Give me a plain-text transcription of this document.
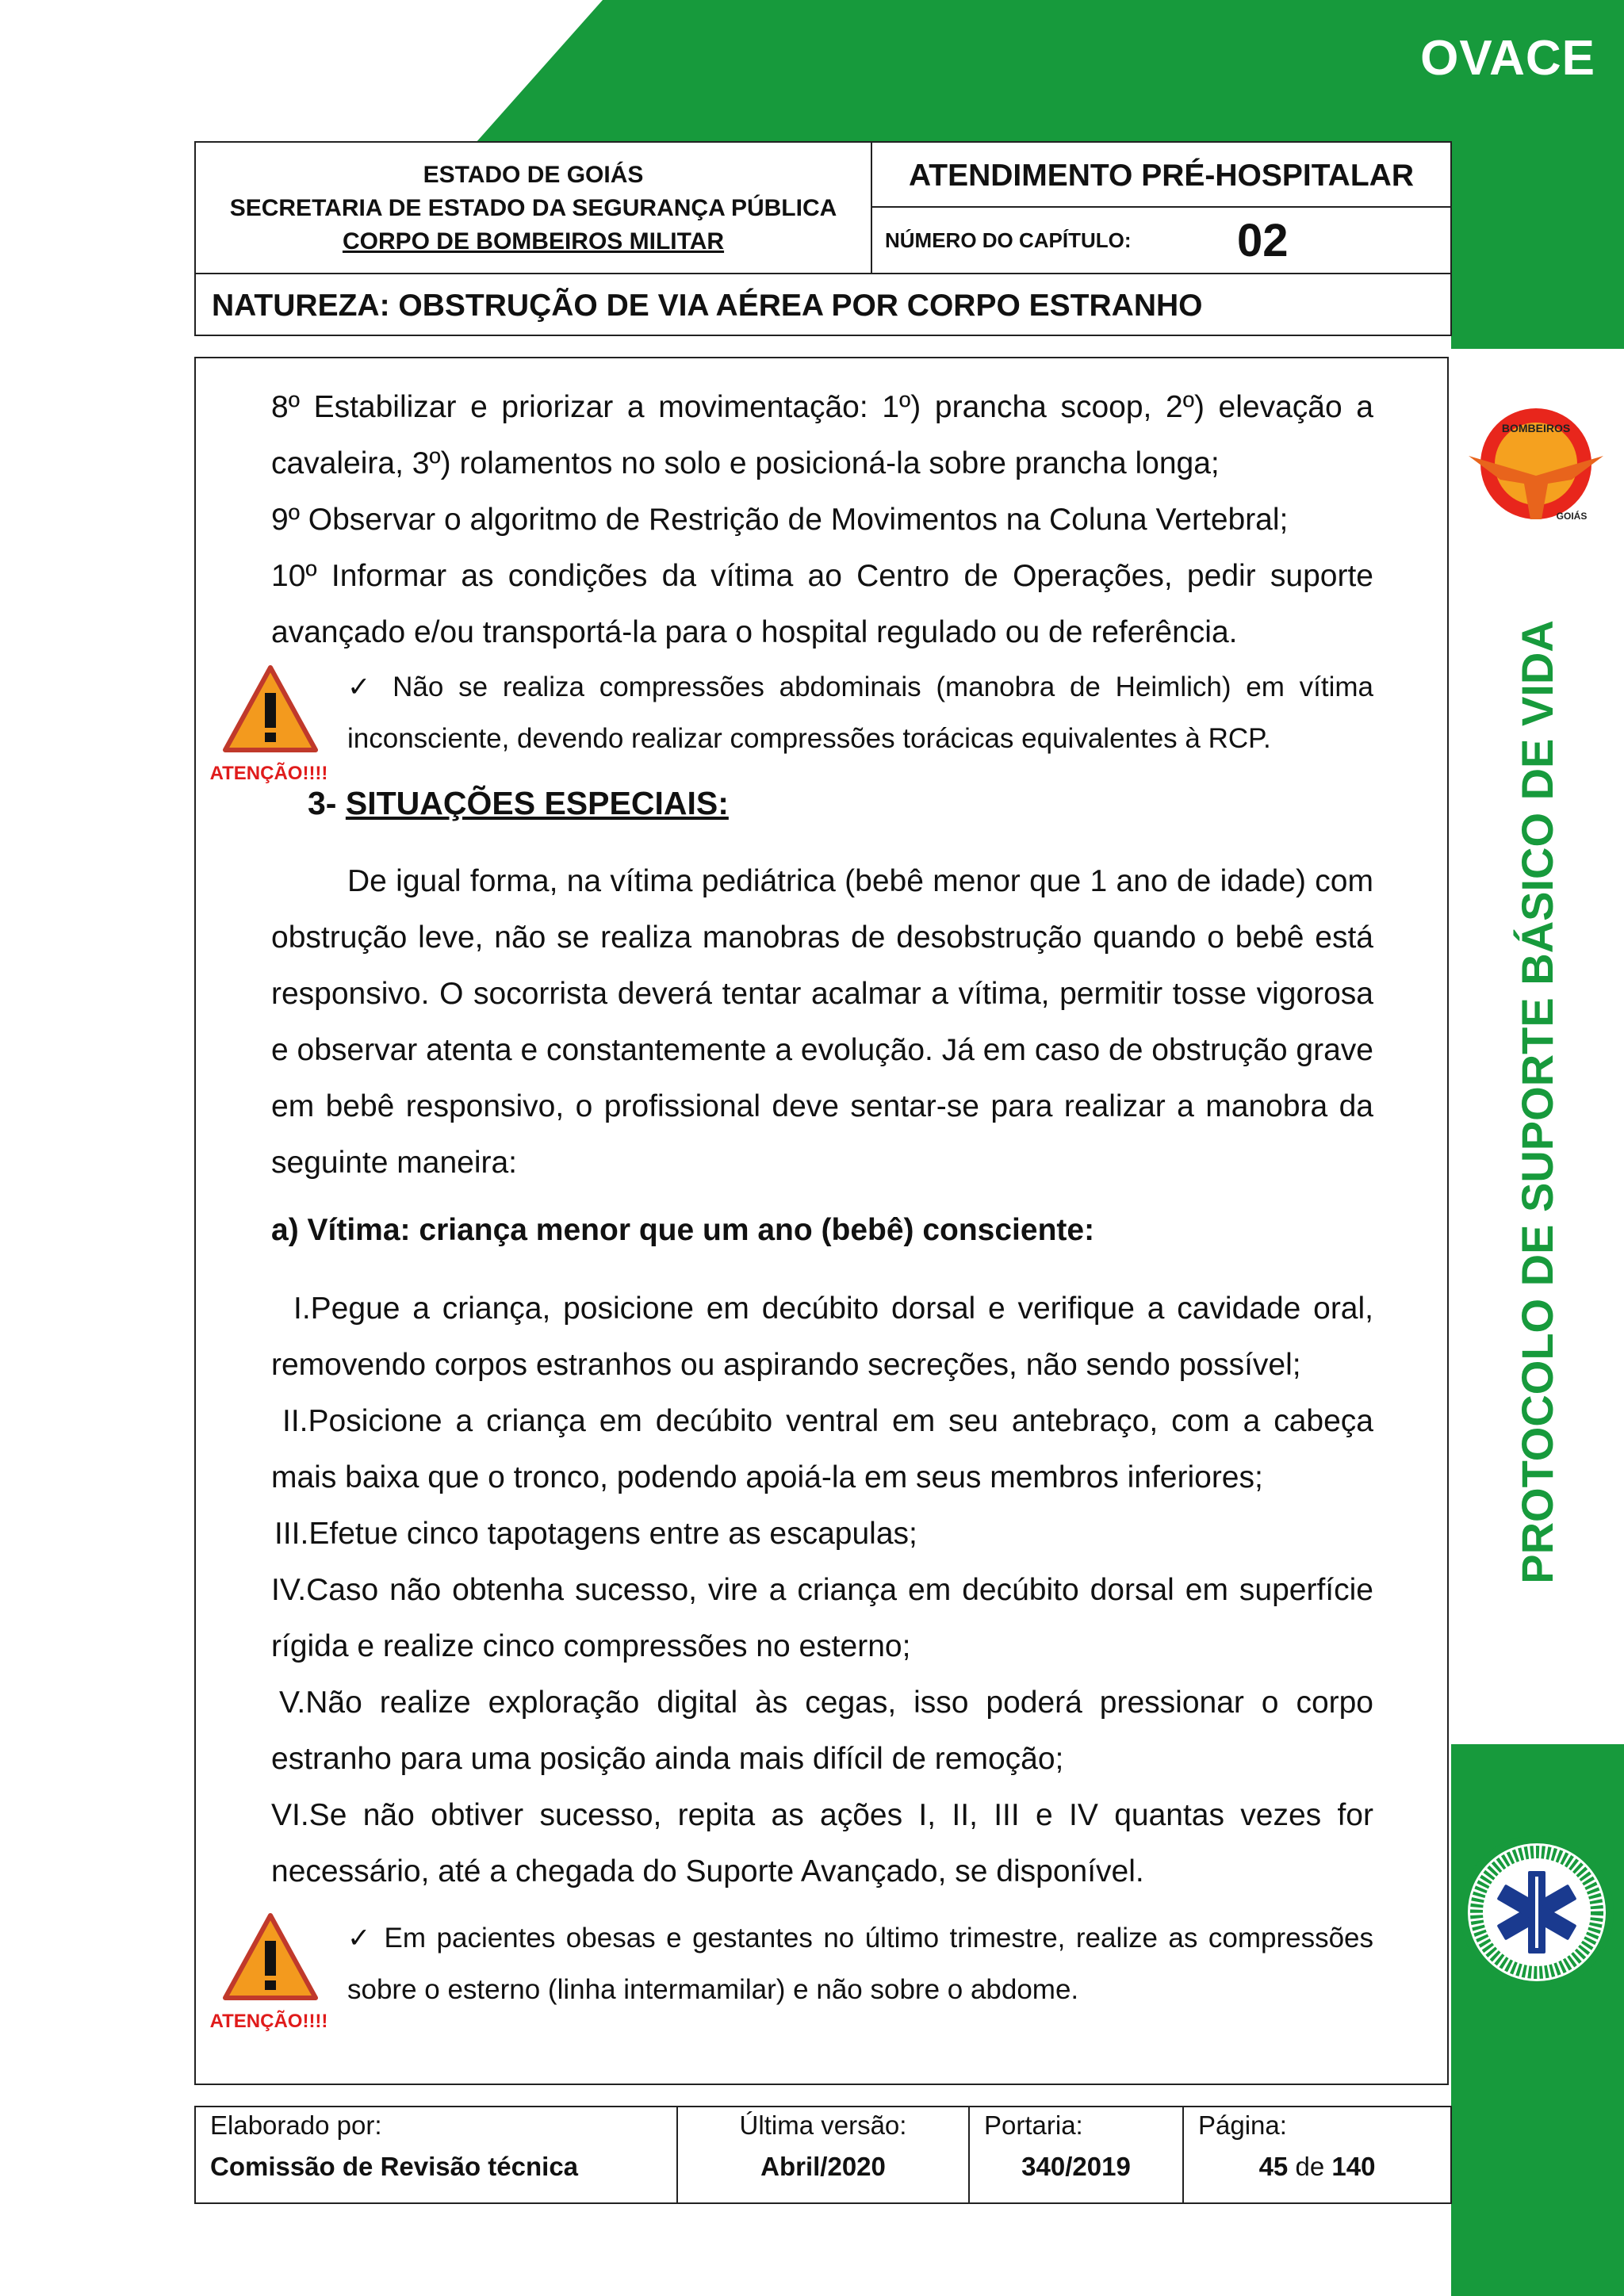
OVACE
PROTOCOLO DE SUPORTE BÁSICO DE VIDA
BOMBEIROS
GOIÁS
ESTADO DE GOIÁS
SECRETARIA DE ESTADO DA SEGURANÇA PÚBLICA
CORPO DE BOMBEIROS MILITAR
ATENDIMENTO PRÉ-HOSPITALAR
NÚMERO DO CAPÍTULO: 02
NATUREZA: OBSTRUÇÃO DE VIA AÉREA POR CORPO ESTRANHO

8º Estabilizar e priorizar a movimentação: 1º) prancha scoop, 2º) elevação a

cavaleira, 3º) rolamentos no solo e posicioná-la sobre prancha longa;

9º Observar o algoritmo de Restrição de Movimentos na Coluna Vertebral;

10º Informar as condições da vítima ao Centro de Operações, pedir suporte

avançado e/ou transportá-la para o hospital regulado ou de referência.

ATENÇÃO!!!!
✓ Não se realiza compressões abdominais (manobra de Heimlich) em vítima inconsciente, devendo realizar compressões torácicas equivalentes à RCP.
3- SITUAÇÕES ESPECIAIS:
De igual forma, na vítima pediátrica (bebê menor que 1 ano de idade) com obstrução leve, não se realiza manobras de desobstrução quando o bebê está responsivo. O socorrista deverá tentar acalmar a vítima, permitir tosse vigorosa e observar atenta e constantemente a evolução. Já em caso de obstrução grave em bebê responsivo, o profissional deve sentar-se para realizar a manobra da seguinte maneira:
a) Vítima: criança menor que um ano (bebê) consciente:

I.Pegue a criança, posicione em decúbito dorsal e verifique a cavidade oral, removendo corpos estranhos ou aspirando secreções, não sendo possível;

II.Posicione a criança em decúbito ventral em seu antebraço, com a cabeça mais baixa que o tronco, podendo apoiá-la em seus membros inferiores;

III.Efetue cinco tapotagens entre as escapulas;

IV.Caso não obtenha sucesso, vire a criança em decúbito dorsal em superfície rígida e realize cinco compressões no esterno;

V.Não realize exploração digital às cegas, isso poderá pressionar o corpo estranho para uma posição ainda mais difícil de remoção;

VI.Se não obtiver sucesso, repita as ações I, II, III e IV quantas vezes for necessário, até a chegada do Suporte Avançado, se disponível.

ATENÇÃO!!!!
✓ Em pacientes obesas e gestantes no último trimestre, realize as compressões sobre o esterno (linha intermamilar) e não sobre o abdome.
Elaborado por:
Comissão de Revisão técnica

Última versão:
Abril/2020

Portaria:
340/2019

Página:
45 de 140
